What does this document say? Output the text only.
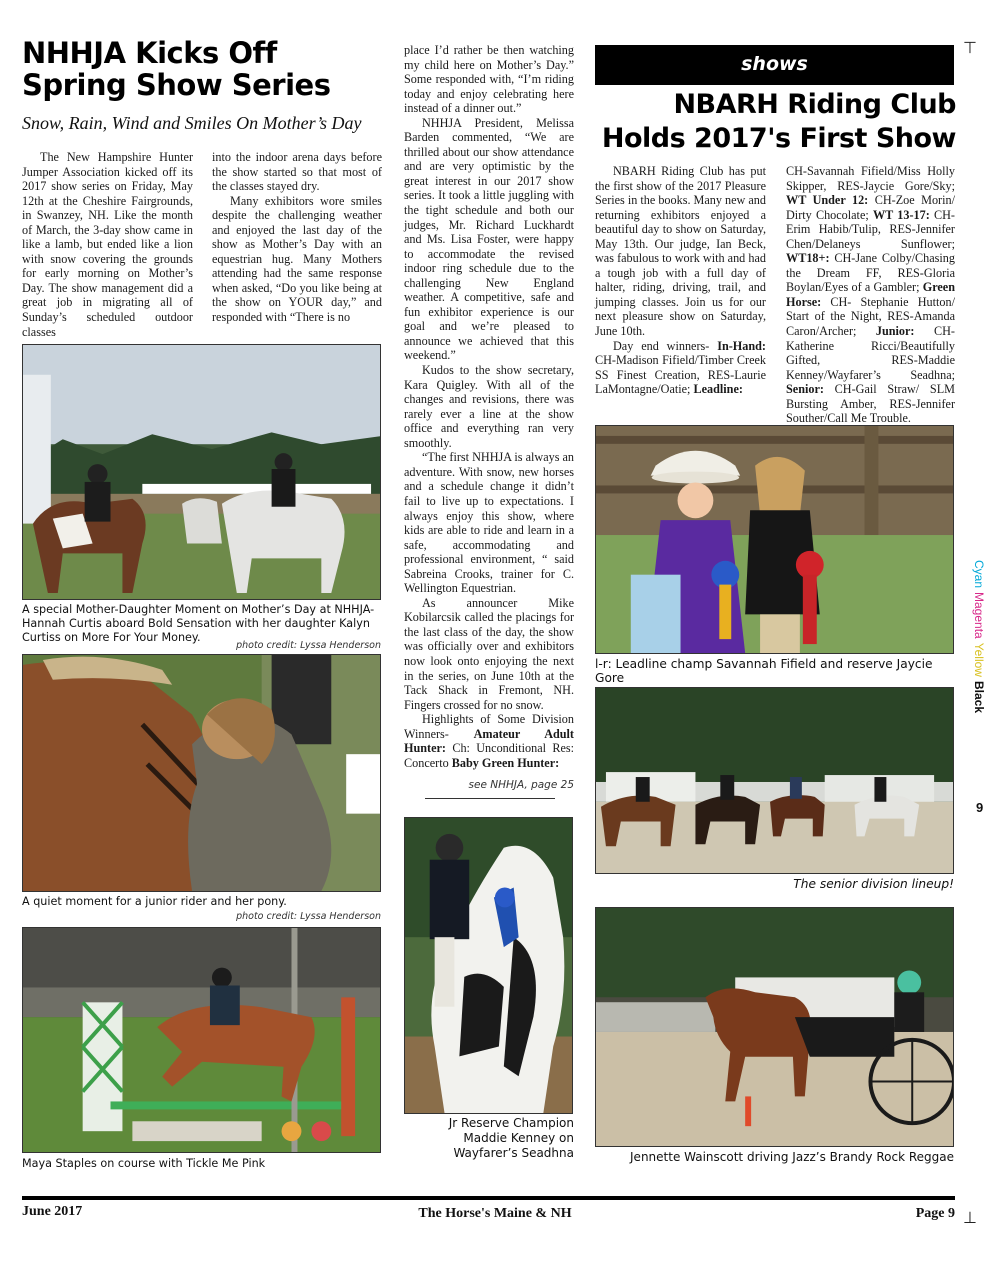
NHHJA Kicks Off
Spring Show Series
Snow, Rain, Wind and Smiles On Mother’s Day

The New Hampshire Hunter Jumper Association kicked off its 2017 show series on Friday, May 12th at the Cheshire Fairgrounds, in Swanzey, NH. Like the month of March, the 3-day show came in like a lamb, but ended like a lion with snow covering the grounds for early morning on Mother’s Day. The show management did a great job in migrating all of Sunday’s scheduled outdoor classes

into the indoor arena days before the show started so that most of the classes stayed dry.

Many exhibitors wore smiles despite the challenging weather and enjoyed the last day of the show as Mother’s Day with an equestrian hug. Many Mothers attending had the same response when asked, “Do you like being at the show on YOUR day,” and responded with “There is no

A special Mother-Daughter Moment on Mother’s Day at NHHJA- Hannah Curtis aboard Bold Sensation with her daughter Kalyn Curtiss on More For Your Money.
photo credit: Lyssa Henderson
A quiet moment for a junior rider and her pony.
photo credit: Lyssa Henderson
Maya Staples on course with Tickle Me Pink

place I’d rather be then watching my child here on Mother’s Day.” Some responded with, “I’m riding today and enjoy celebrating here instead of a dinner out.”

NHHJA President, Melissa Barden commented, “We are thrilled about our show attendance and are very optimistic by the great interest in our 2017 show series. It took a little juggling with the tight schedule and both our judges, Mr. Richard Luckhardt and Ms. Lisa Foster, were happy to accommodate the revised indoor ring schedule due to the challenging New England weather. A competitive, safe and fun exhibitor experience is our goal and we’re pleased to announce we achieved that this weekend.”

Kudos to the show secretary, Kara Quigley. With all of the changes and revisions, there was rarely ever a line at the show office and everything ran very smoothly.

“The first NHHJA is always an adventure. With snow, new horses and a schedule change it didn’t fail to live up to expectations. I always enjoy this show, where kids are able to ride and learn in a safe, accommodating and professional environment, “ said Sabreina Crooks, trainer for C. Wellington Equestrian.

As announcer Mike Kobilarcsik called the placings for the last class of the day, the show was officially over and exhibitors now look onto enjoying the next in the series, on June 10th at the Tack Shack in Fremont, NH. Fingers crossed for no snow.

Highlights of Some Division Winners- Amateur Adult Hunter: Ch: Unconditional Res: Concerto Baby Green Hunter:

see NHHJA, page 25
Jr Reserve Champion Maddie Kenney on Wayfarer’s Seadhna
shows
NBARH Riding Club
Holds 2017's First Show

NBARH Riding Club has put the first show of the 2017 Pleasure Series in the books. Many new and returning exhibitors enjoyed a beautiful day to show on Saturday, May 13th. Our judge, Ian Beck, was fabulous to work with and had a tough job with a full day of halter, riding, driving, trail, and jumping classes. Join us for our next pleasure show on Saturday, June 10th.

Day end winners- In-Hand: CH-Madison Fifield/Timber Creek SS Finest Creation, RES-Laurie LaMontagne/Oatie; Leadline:

CH-Savannah Fifield/Miss Holly Skipper, RES-Jaycie Gore/Sky; WT Under 12: CH-Zoe Morin/ Dirty Chocolate; WT 13-17: CH-Erim Habib/Tulip, RES-Jennifer Chen/Delaneys Sunflower; WT18+: CH-Jane Colby/Chasing the Dream FF, RES-Gloria Boylan/Eyes of a Gambler; Green Horse: CH- Stephanie Hutton/ Start of the Night, RES-Amanda Caron/Archer; Junior: CH-Katherine Ricci/Beautifully Gifted, RES-Maddie Kenney/Wayfarer’s Seadhna; Senior: CH-Gail Straw/ SLM Bursting Amber, RES-Jennifer Souther/Call Me Trouble.

l-r: Leadline champ Savannah Fifield and reserve Jaycie Gore
The senior division lineup!
Jennette Wainscott driving Jazz’s Brandy Rock Reggae
⊤
⊥
Cyan Magenta Yellow Black
9
June 2017	The Horse's Maine & NH	Page 9
